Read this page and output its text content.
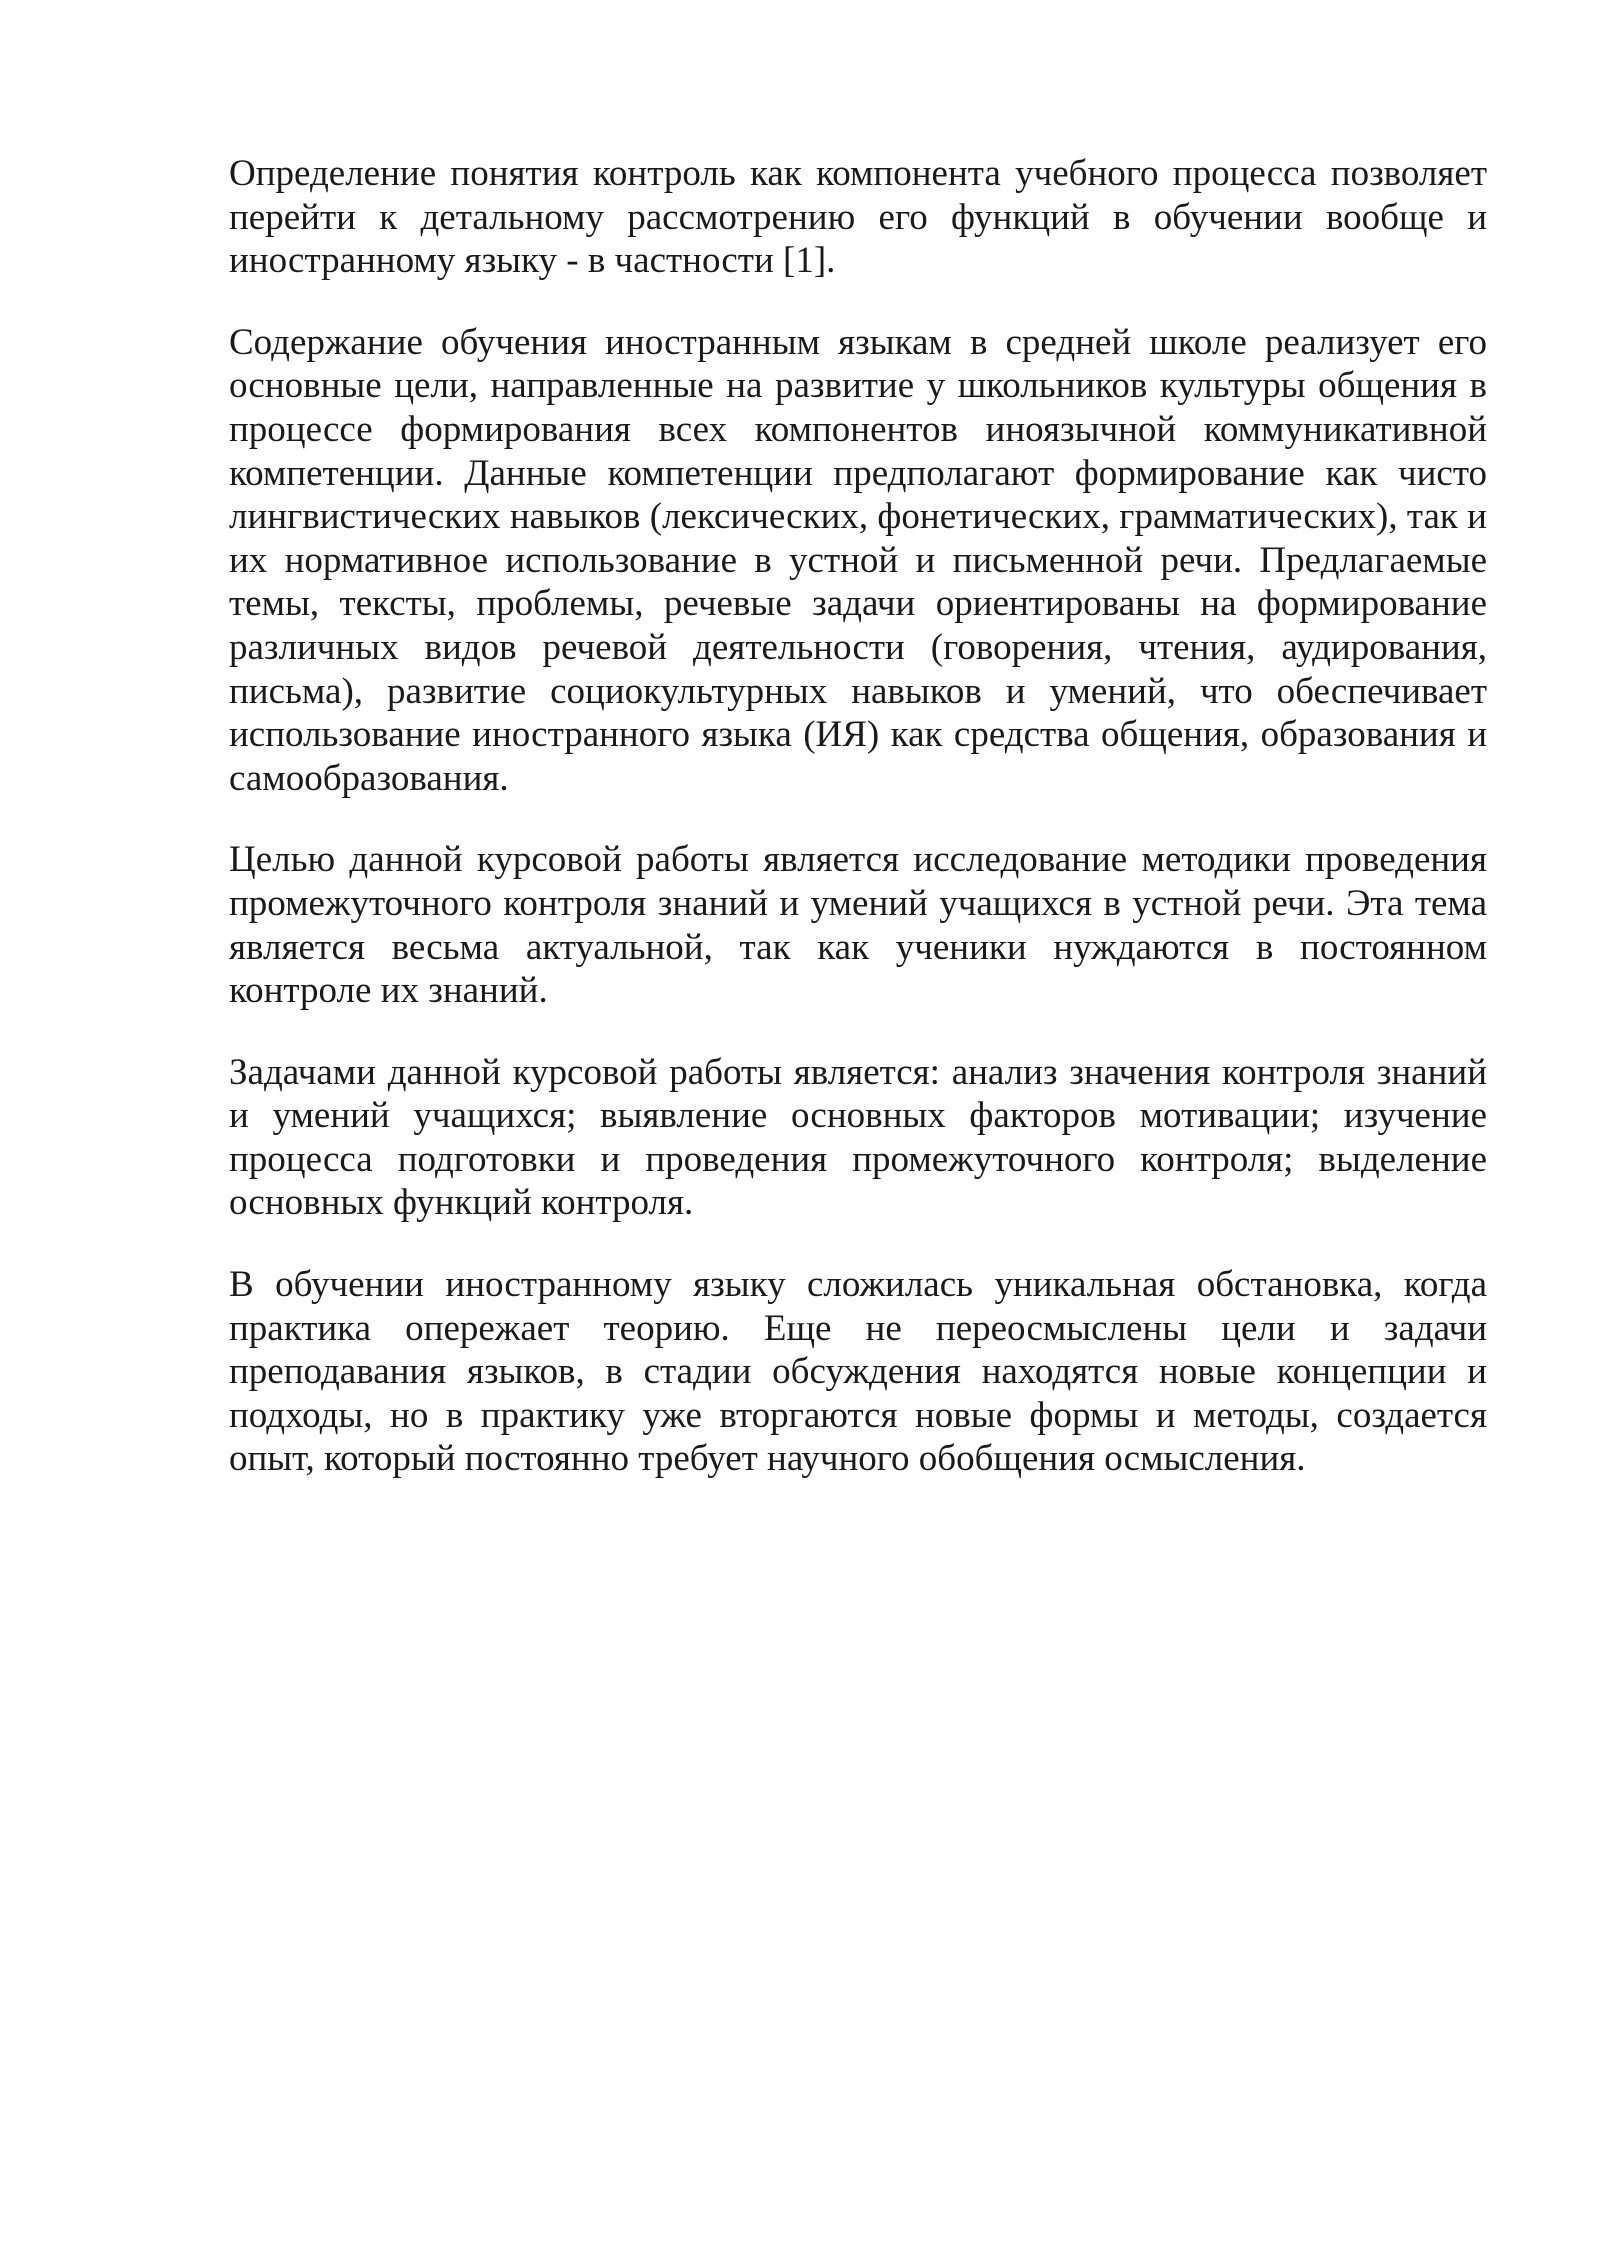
Определение понятия контроль как компонента учебного процесса позволяет перейти к детальному рассмотрению его функций в обучении вообще и иностранному языку - в частности [1].

Содержание обучения иностранным языкам в средней школе реализует его основные цели, направленные на развитие у школьников культуры общения в процессе формирования всех компонентов иноязычной коммуникативной компетенции. Данные компетенции предполагают формирование как чисто лингвистических навыков (лексических, фонетических, грамматических), так и их нормативное использование в устной и письменной речи. Предлагаемые темы, тексты, проблемы, речевые задачи ориентированы на формирование различных видов речевой деятельности (говорения, чтения, аудирования, письма), развитие социокультурных навыков и умений, что обеспечивает использование иностранного языка (ИЯ) как средства общения, образования и самообразования.

Целью данной курсовой работы является исследование методики проведения промежуточного контроля знаний и умений учащихся в устной речи. Эта тема является весьма актуальной, так как ученики нуждаются в постоянном контроле их знаний.

Задачами данной курсовой работы является: анализ значения контроля знаний и умений учащихся; выявление основных факторов мотивации; изучение процесса подготовки и проведения промежуточного контроля; выделение основных функций контроля.

В обучении иностранному языку сложилась уникальная обстановка, когда практика опережает теорию. Еще не переосмыслены цели и задачи преподавания языков, в стадии обсуждения находятся новые концепции и подходы, но в практику уже вторгаются новые формы и методы, создается опыт, который постоянно требует научного обобщения осмысления.
